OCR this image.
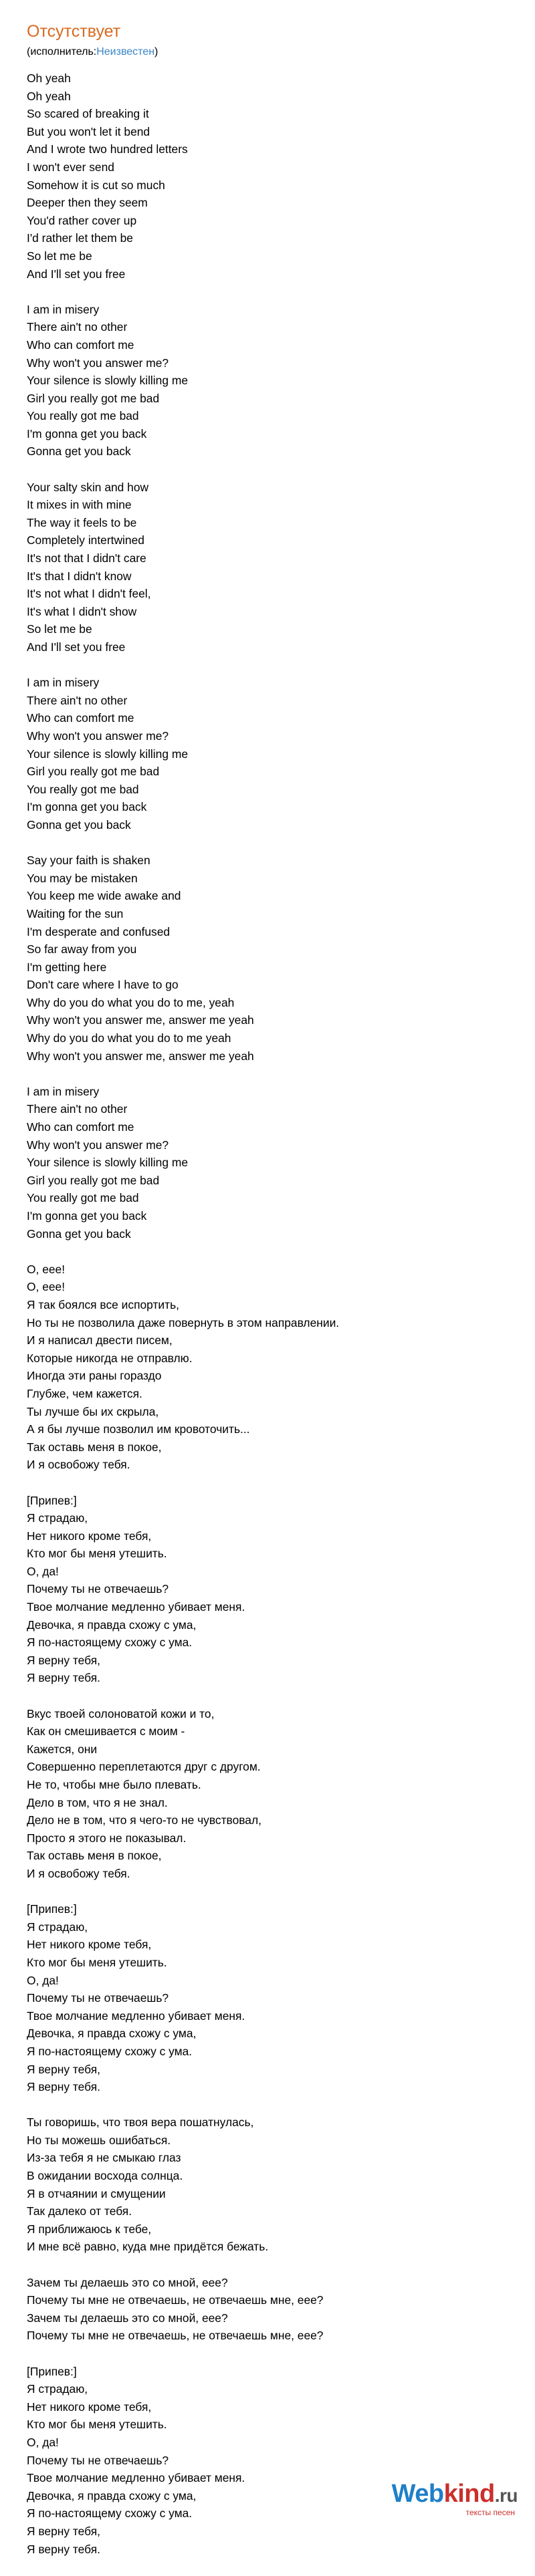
Отсутствует
(исполнитель:Неизвестен)
Oh yeah
Oh yeah
So scared of breaking it
But you won't let it bend
And I wrote two hundred letters
I won't ever send
Somehow it is cut so much
Deeper then they seem
You'd rather cover up
I'd rather let them be
So let me be
And I'll set you free
I am in misery
There ain't no other
Who can comfort me
Why won't you answer me?
Your silence is slowly killing me
Girl you really got me bad
You really got me bad
I'm gonna get you back
Gonna get you back
Your salty skin and how
It mixes in with mine
The way it feels to be
Completely intertwined
It's not that I didn't care
It's that I didn't know
It's not what I didn't feel,
It's what I didn't show
So let me be
And I'll set you free
I am in misery
There ain't no other
Who can comfort me
Why won't you answer me?
Your silence is slowly killing me
Girl you really got me bad
You really got me bad
I'm gonna get you back
Gonna get you back
Say your faith is shaken
You may be mistaken
You keep me wide awake and
Waiting for the sun
I'm desperate and confused
So far away from you
I'm getting here
Don't care where I have to go
Why do you do what you do to me, yeah
Why won't you answer me, answer me yeah
Why do you do what you do to me yeah
Why won't you answer me, answer me yeah
I am in misery
There ain't no other
Who can comfort me
Why won't you answer me?
Your silence is slowly killing me
Girl you really got me bad
You really got me bad
I'm gonna get you back
Gonna get you back
О, еее!
О, еее!
Я так боялся все испортить,
Но ты не позволила даже повернуть в этом направлении.
И я написал двести писем,
Которые никогда не отправлю.
Иногда эти раны гораздо
Глубже, чем кажется.
Ты лучше бы их скрыла,
А я бы лучше позволил им кровоточить...
Так оставь меня в покое,
И я освобожу тебя.
[Припев:]
Я страдаю,
Нет никого кроме тебя,
Кто мог бы меня утешить.
О, да!
Почему ты не отвечаешь?
Твое молчание медленно убивает меня.
Девочка, я правда схожу с ума,
Я по-настоящему схожу с ума.
Я верну тебя,
Я верну тебя.
Вкус твоей солоноватой кожи и то,
Как он смешивается с моим -
Кажется, они
Совершенно переплетаются друг с другом.
Не то, чтобы мне было плевать.
Дело в том, что я не знал.
Дело не в том, что я чего-то не чувствовал,
Просто я этого не показывал.
Так оставь меня в покое,
И я освобожу тебя.
[Припев:]
Я страдаю,
Нет никого кроме тебя,
Кто мог бы меня утешить.
О, да!
Почему ты не отвечаешь?
Твое молчание медленно убивает меня.
Девочка, я правда схожу с ума,
Я по-настоящему схожу с ума.
Я верну тебя,
Я верну тебя.
Ты говоришь, что твоя вера пошатнулась,
Но ты можешь ошибаться.
Из-за тебя я не смыкаю глаз
В ожидании восхода солнца.
Я в отчаянии и смущении
Так далеко от тебя.
Я приближаюсь к тебе,
И мне всё равно, куда мне придётся бежать.
Зачем ты делаешь это со мной, еее?
Почему ты мне не отвечаешь, не отвечаешь мне, еее?
Зачем ты делаешь это со мной, еее?
Почему ты мне не отвечаешь, не отвечаешь мне, еее?
[Припев:]
Я страдаю,
Нет никого кроме тебя,
Кто мог бы меня утешить.
О, да!
Почему ты не отвечаешь?
Твое молчание медленно убивает меня.
Девочка, я правда схожу с ума,
Я по-настоящему схожу с ума.
Я верну тебя,
Я верну тебя.
Webkind.ru
тексты песен
